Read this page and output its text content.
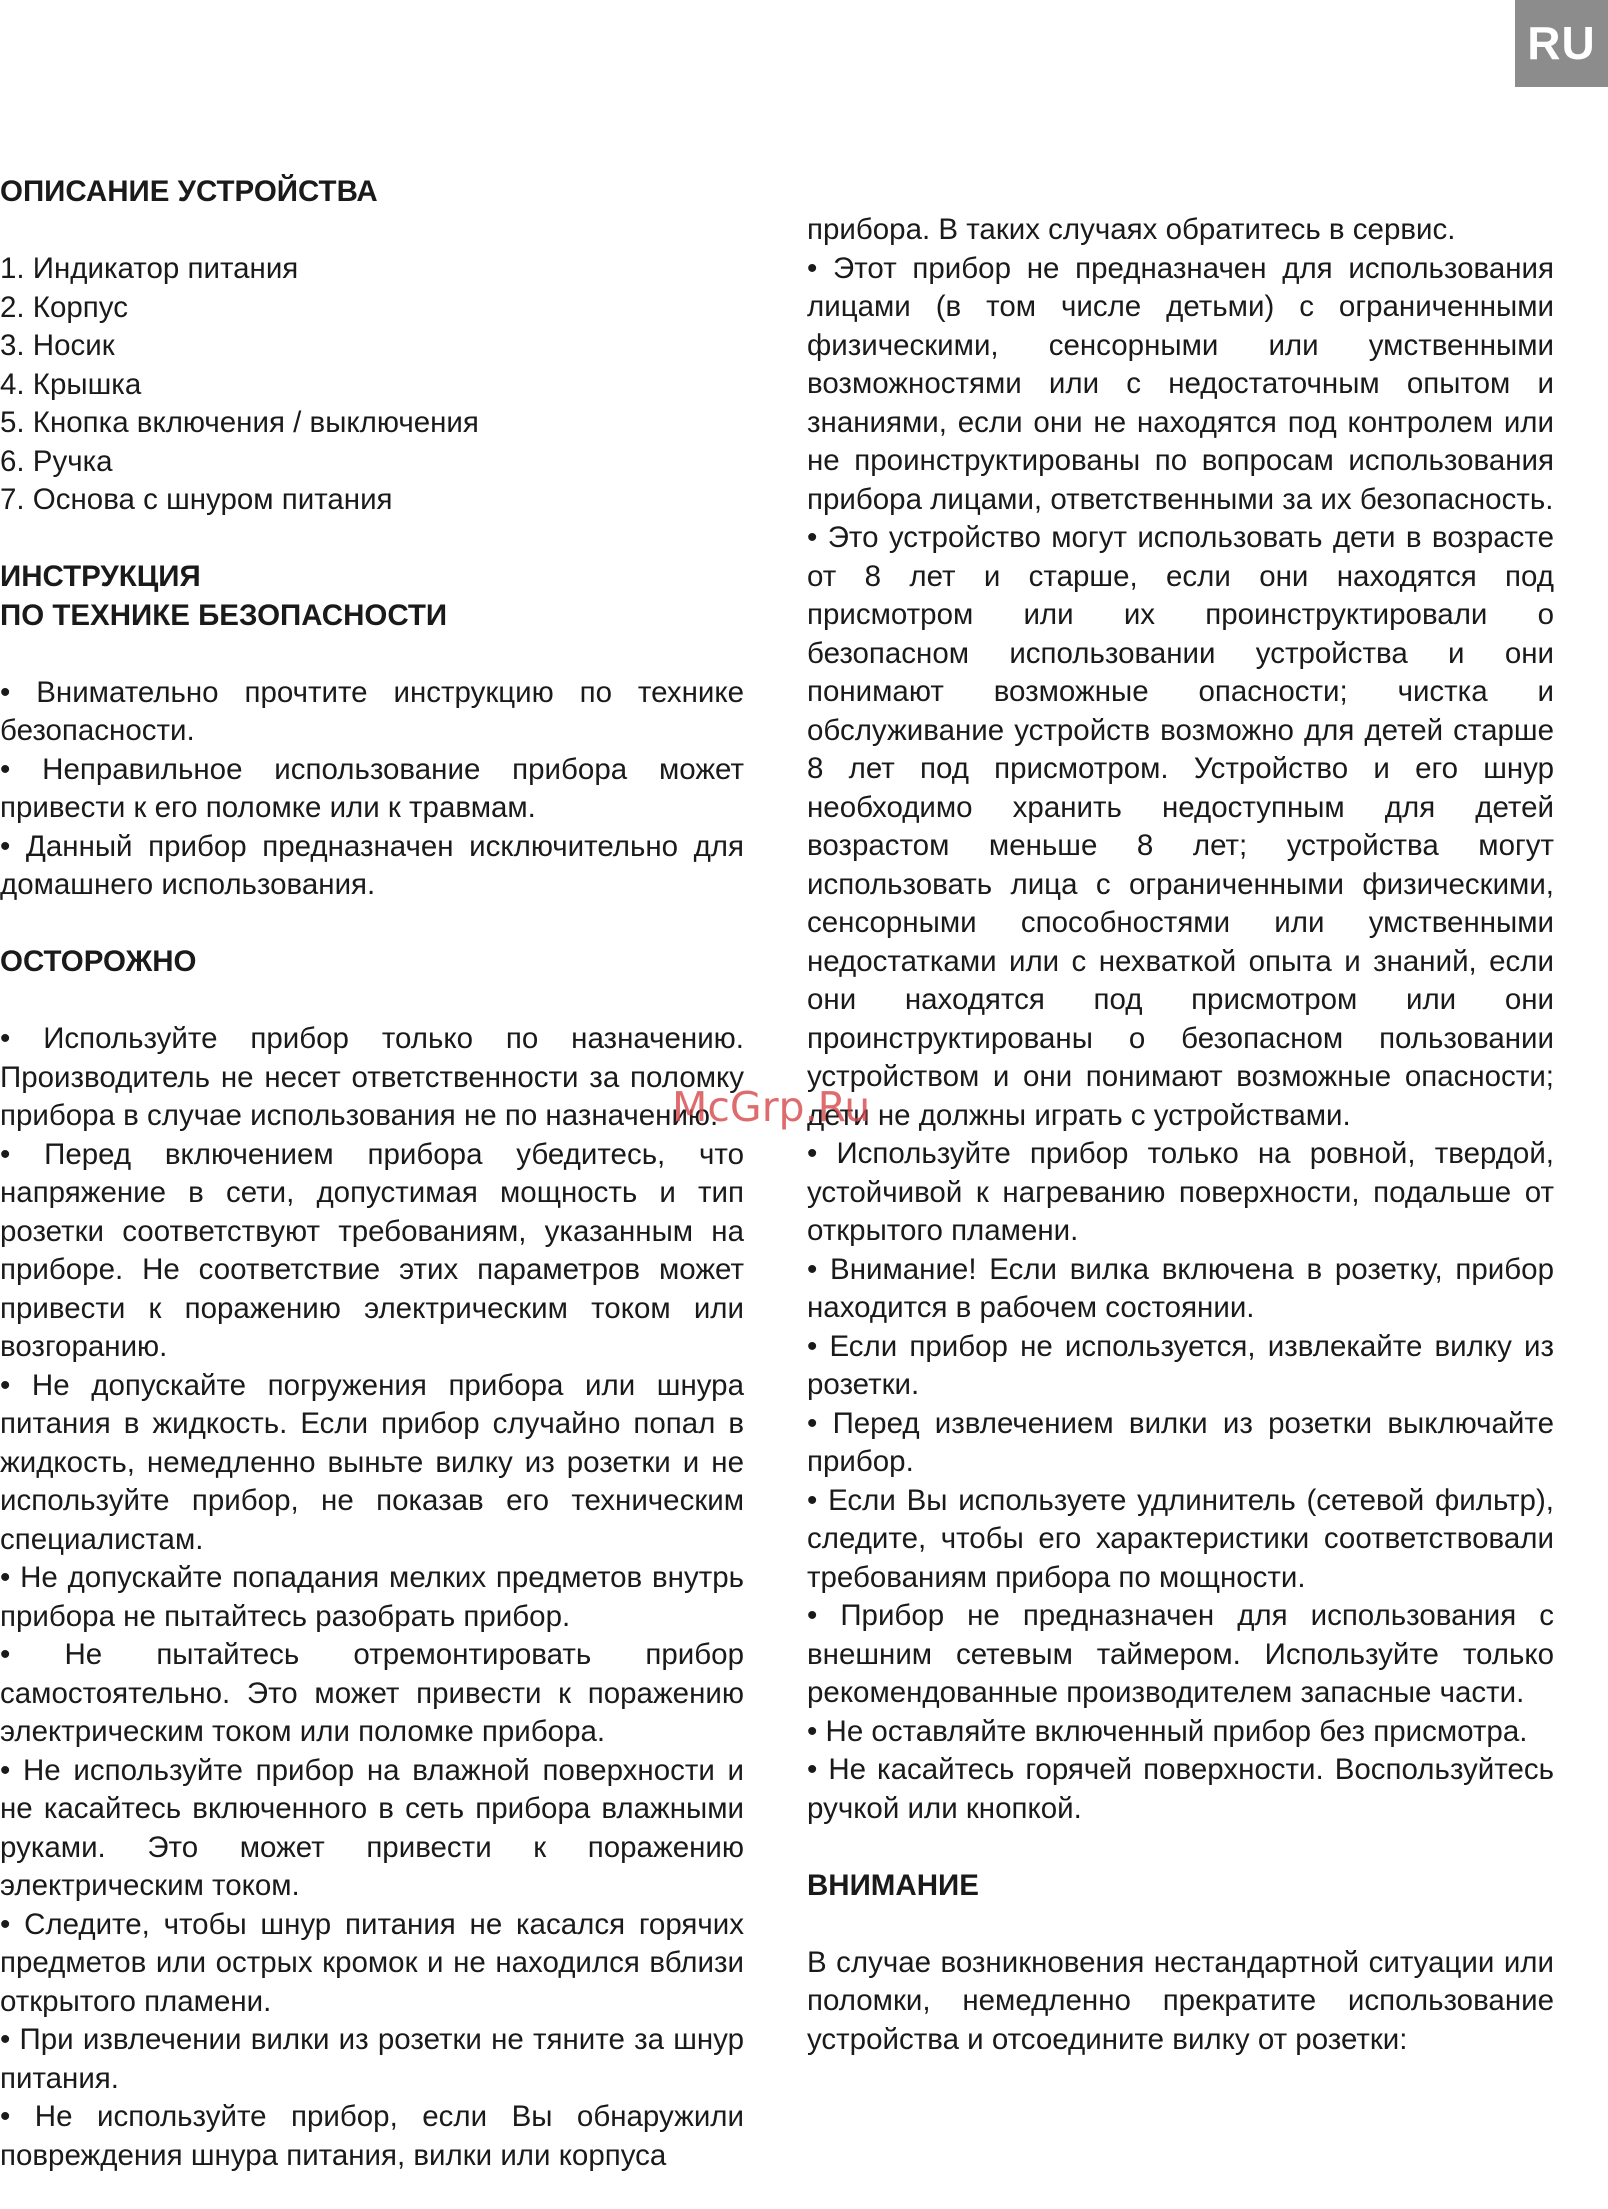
RU

ОПИСАНИЕ УСТРОЙСТВА

1. Индикатор питания
2. Корпус
3. Носик
4. Крышка
5. Кнопка включения / выключения
6. Ручка
7. Основа с шнуром питания

ИНСТРУКЦИЯ

ПО ТЕХНИКЕ БЕЗОПАСНОСТИ

• Внимательно прочтите инструкцию по технике безопасности.

• Неправильное использование прибора может привести к его поломке или к травмам.

• Данный прибор предназначен исключительно для домашнего использования.

ОСТОРОЖНО

• Используйте прибор только по назначению. Производитель не несет ответственности за поломку прибора в случае использования не по назначению.

• Перед включением прибора убедитесь, что напряжение в сети, допустимая мощность и тип розетки соответствуют требованиям, указанным на приборе. Не соответствие этих параметров может привести к поражению электрическим током или возгоранию.

• Не допускайте погружения прибора или шнура питания в жидкость. Если прибор случайно попал в жидкость, немедленно выньте вилку из розетки и не используйте прибор, не показав его техническим специалистам.

• Не допускайте попадания мелких предметов внутрь прибора не пытайтесь разобрать прибор.

• Не пытайтесь отремонтировать прибор самостоятельно. Это может привести к поражению электрическим током или поломке прибора.

• Не используйте прибор на влажной поверхности и не касайтесь включенного в сеть прибора влажными руками. Это может привести к поражению электрическим током.

• Следите, чтобы шнур питания не касался горячих предметов или острых кромок и не находился вблизи открытого пламени.

• При извлечении вилки из розетки не тяните за шнур питания.

• Не используйте прибор, если Вы обнаружили повреждения шнура питания, вилки или корпуса

прибора. В таких случаях обратитесь в сервис.

• Этот прибор не предназначен для использования лицами (в том числе детьми) с ограниченными физическими, сенсорными или умственными возможностями или с недостаточным опытом и знаниями, если они не находятся под контролем или не проинструктированы по вопросам использования прибора лицами, ответственными за их безопасность.

• Это устройство могут использовать дети в возрасте от 8 лет и старше, если они находятся под присмотром или их проинструктировали о безопасном использовании устройства и они понимают возможные опасности; чистка и обслуживание устройств возможно для детей старше 8 лет под присмотром. Устройство и его шнур необходимо хранить недоступным для детей возрастом меньше 8 лет; устройства могут использовать лица с ограниченными физическими, сенсорными способностями или умственными недостатками или с нехваткой опыта и знаний, если они находятся под присмотром или они проинструктированы о безопасном пользовании устройством и они понимают возможные опасности; дети не должны играть с устройствами.

• Используйте прибор только на ровной, твердой, устойчивой к нагреванию поверхности, подальше от открытого пламени.

• Внимание! Если вилка включена в розетку, прибор находится в рабочем состоянии.

• Если прибор не используется, извлекайте вилку из розетки.

• Перед извлечением вилки из розетки выключайте прибор.

• Если Вы используете удлинитель (сетевой фильтр), следите, чтобы его характеристики соответствовали требованиям прибора по мощности.

• Прибор не предназначен для использования с внешним сетевым таймером. Используйте только рекомендованные производителем запасные части.

• Не оставляйте включенный прибор без присмотра.

• Не касайтесь горячей поверхности. Воспользуйтесь ручкой или кнопкой.

ВНИМАНИЕ

В случае возникновения нестандартной ситуации или поломки, немедленно прекратите использование устройства и отсоедините вилку от розетки:

McGrp.Ru
